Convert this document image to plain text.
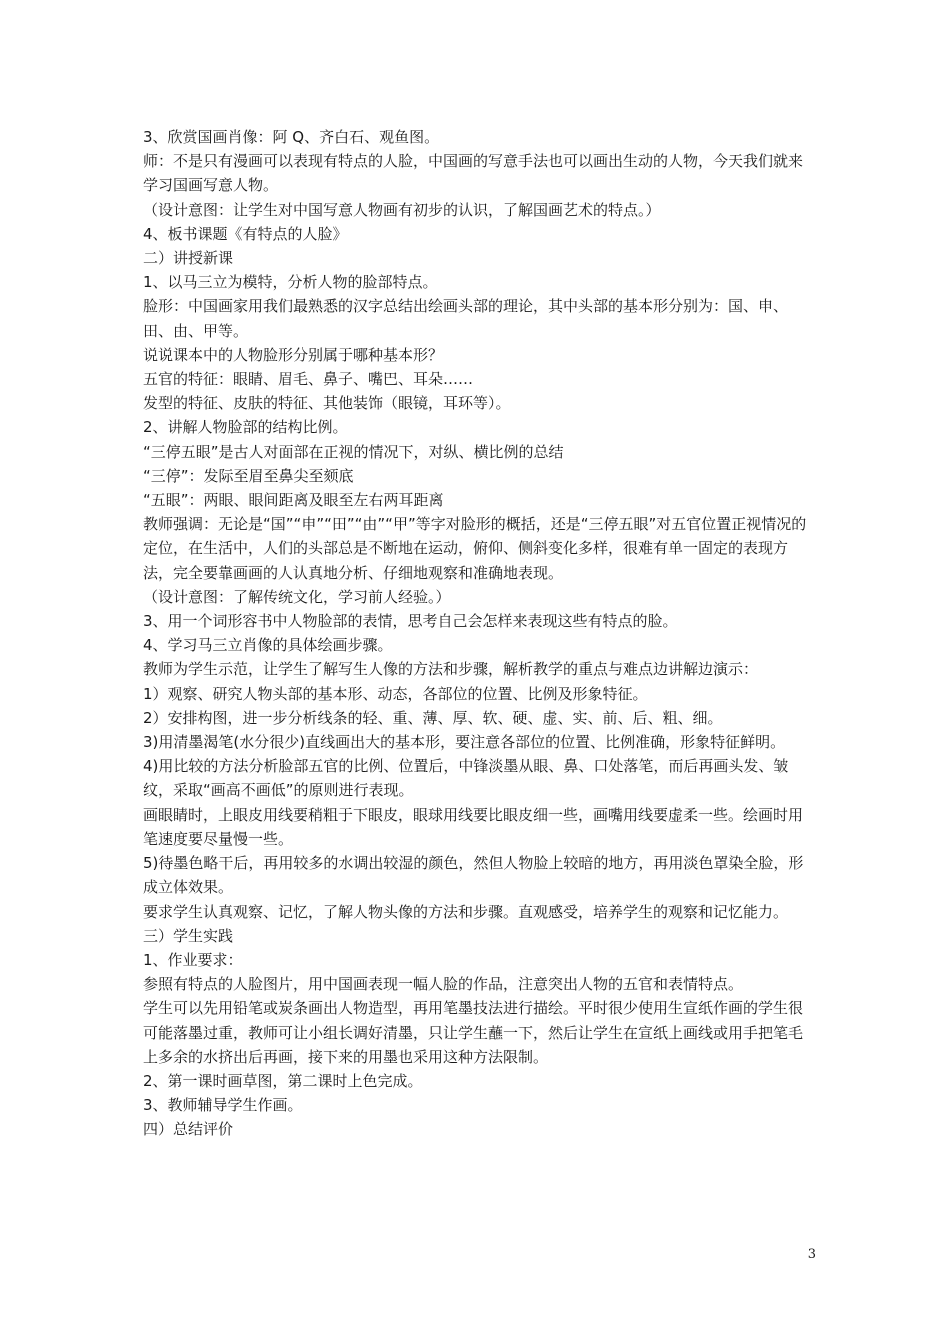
3、欣赏国画肖像：阿 Q、齐白石、观鱼图。

师：不是只有漫画可以表现有特点的人脸，中国画的写意手法也可以画出生动的人物，今天我们就来学习国画写意人物。

（设计意图：让学生对中国写意人物画有初步的认识，了解国画艺术的特点。）

4、板书课题《有特点的人脸》

二）讲授新课

1、以马三立为模特，分析人物的脸部特点。

脸形：中国画家用我们最熟悉的汉字总结出绘画头部的理论，其中头部的基本形分别为：国、申、田、由、甲等。

说说课本中的人物脸形分别属于哪种基本形？

五官的特征：眼睛、眉毛、鼻子、嘴巴、耳朵……

发型的特征、皮肤的特征、其他装饰（眼镜，耳环等）。

2、讲解人物脸部的结构比例。

“三停五眼”是古人对面部在正视的情况下，对纵、横比例的总结

“三停”：发际至眉至鼻尖至颏底

“五眼”：两眼、眼间距离及眼至左右两耳距离

教师强调：无论是“国”“申”“田”“由”“甲”等字对脸形的概括，还是“三停五眼”对五官位置正视情况的定位，在生活中，人们的头部总是不断地在运动，俯仰、侧斜变化多样，很难有单一固定的表现方法，完全要靠画画的人认真地分析、仔细地观察和准确地表现。

（设计意图：了解传统文化，学习前人经验。）

3、用一个词形容书中人物脸部的表情，思考自己会怎样来表现这些有特点的脸。

4、学习马三立肖像的具体绘画步骤。

教师为学生示范，让学生了解写生人像的方法和步骤，解析教学的重点与难点边讲解边演示：

1）观察、研究人物头部的基本形、动态，各部位的位置、比例及形象特征。

2）安排构图，进一步分析线条的轻、重、薄、厚、软、硬、虚、实、前、后、粗、细。

3)用清墨渴笔(水分很少)直线画出大的基本形，要注意各部位的位置、比例准确，形象特征鲜明。

4)用比较的方法分析脸部五官的比例、位置后，中锋淡墨从眼、鼻、口处落笔，而后再画头发、皱纹，采取“画高不画低”的原则进行表现。

画眼睛时，上眼皮用线要稍粗于下眼皮，眼球用线要比眼皮细一些，画嘴用线要虚柔一些。绘画时用笔速度要尽量慢一些。

5)待墨色略干后，再用较多的水调出较湿的颜色，然但人物脸上较暗的地方，再用淡色罩染全脸，形成立体效果。

要求学生认真观察、记忆，了解人物头像的方法和步骤。直观感受，培养学生的观察和记忆能力。

三）学生实践

1、作业要求：

参照有特点的人脸图片，用中国画表现一幅人脸的作品，注意突出人物的五官和表情特点。

学生可以先用铅笔或炭条画出人物造型，再用笔墨技法进行描绘。平时很少使用生宣纸作画的学生很可能落墨过重，教师可让小组长调好清墨，只让学生蘸一下，然后让学生在宣纸上画线或用手把笔毛上多余的水挤出后再画，接下来的用墨也采用这种方法限制。

2、第一课时画草图，第二课时上色完成。

3、教师辅导学生作画。

四）总结评价

3
